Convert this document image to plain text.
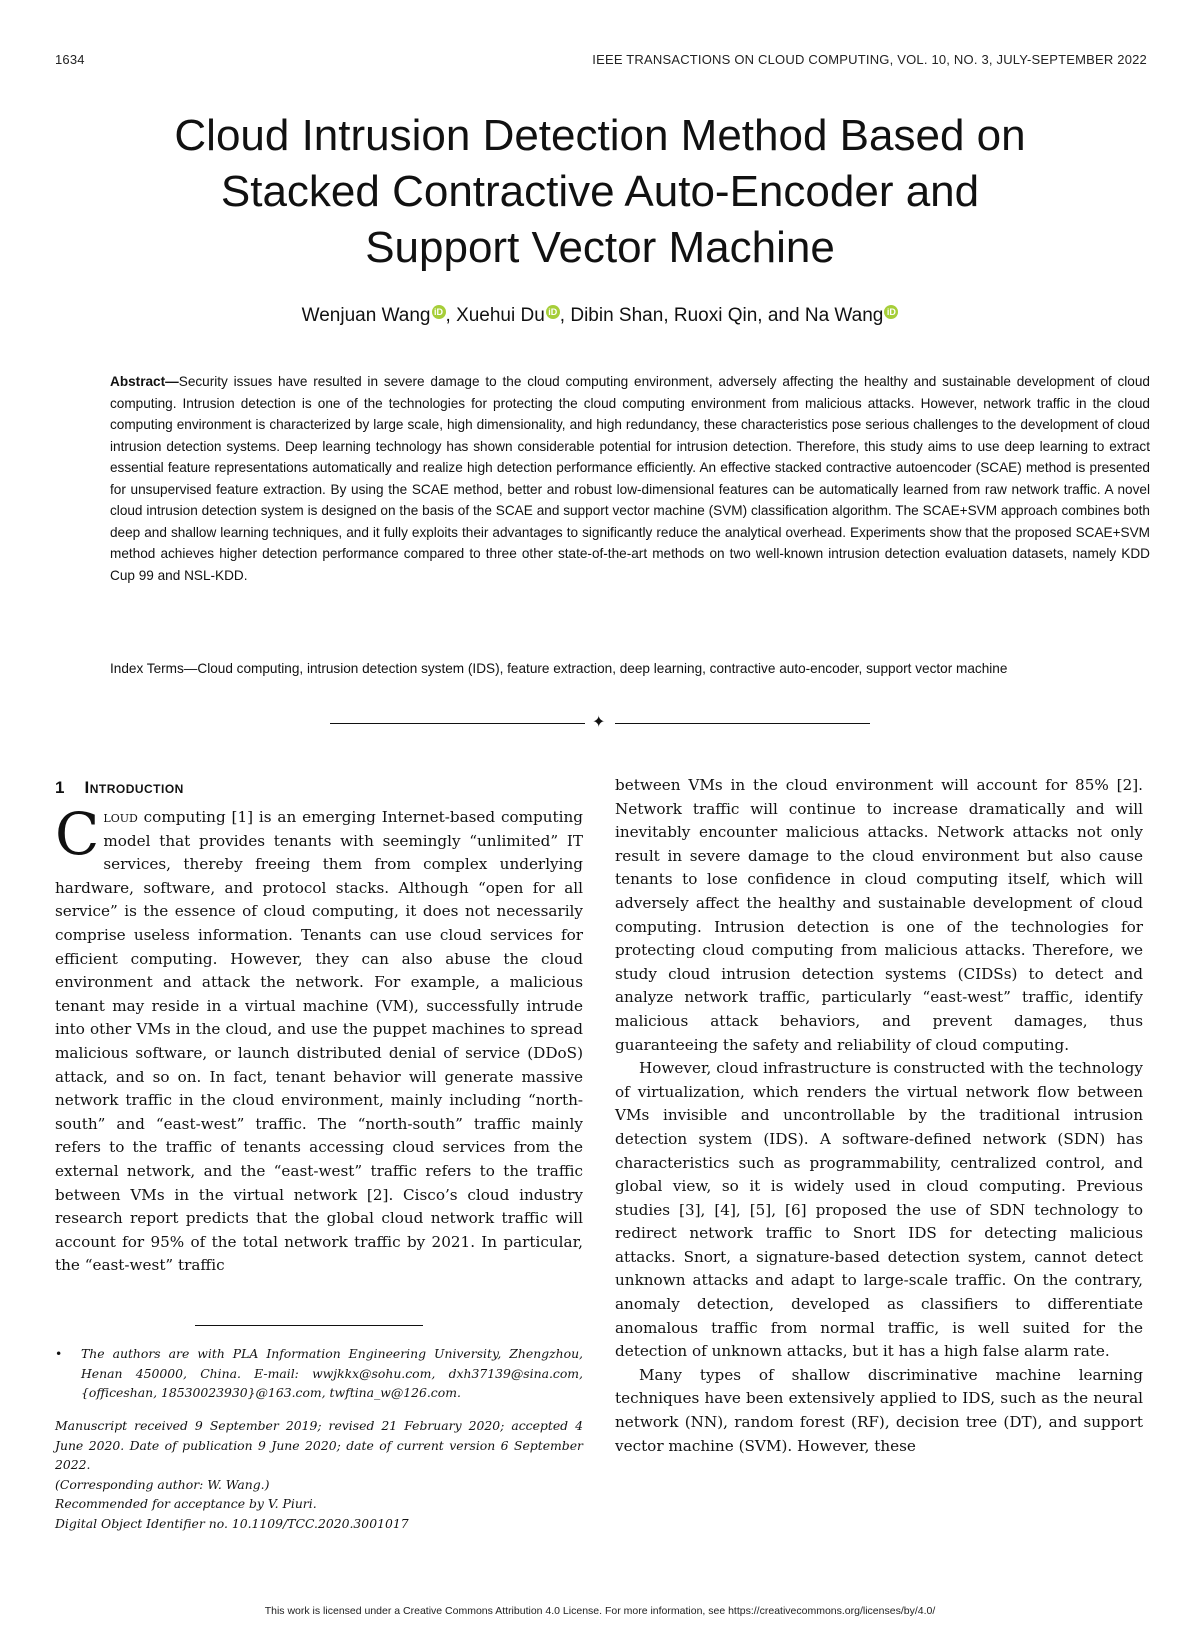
1634	IEEE TRANSACTIONS ON CLOUD COMPUTING, VOL. 10, NO. 3, JULY-SEPTEMBER 2022
Cloud Intrusion Detection Method Based on
Stacked Contractive Auto-Encoder and
Support Vector Machine
Wenjuan Wang iD , Xuehui Du iD , Dibin Shan, Ruoxi Qin, and Na Wang iD

Abstract—Security issues have resulted in severe damage to the cloud computing environment, adversely affecting the healthy and sustainable development of cloud computing. Intrusion detection is one of the technologies for protecting the cloud computing environment from malicious attacks. However, network traffic in the cloud computing environment is characterized by large scale, high dimensionality, and high redundancy, these characteristics pose serious challenges to the development of cloud intrusion detection systems. Deep learning technology has shown considerable potential for intrusion detection. Therefore, this study aims to use deep learning to extract essential feature representations automatically and realize high detection performance efficiently. An effective stacked contractive autoencoder (SCAE) method is presented for unsupervised feature extraction. By using the SCAE method, better and robust low-dimensional features can be automatically learned from raw network traffic. A novel cloud intrusion detection system is designed on the basis of the SCAE and support vector machine (SVM) classification algorithm. The SCAE+SVM approach combines both deep and shallow learning techniques, and it fully exploits their advantages to significantly reduce the analytical overhead. Experiments show that the proposed SCAE+SVM method achieves higher detection performance compared to three other state-of-the-art methods on two well-known intrusion detection evaluation datasets, namely KDD Cup 99 and NSL-KDD.

Index Terms—Cloud computing, intrusion detection system (IDS), feature extraction, deep learning, contractive auto-encoder, support vector machine

✦
1 Introduction

Cloud computing [1] is an emerging Internet-based computing model that provides tenants with seemingly “unlimited” IT services, thereby freeing them from complex underlying hardware, software, and protocol stacks. Although “open for all service” is the essence of cloud computing, it does not necessarily comprise useless information. Tenants can use cloud services for efficient computing. However, they can also abuse the cloud environment and attack the network. For example, a malicious tenant may reside in a virtual machine (VM), successfully intrude into other VMs in the cloud, and use the puppet machines to spread malicious software, or launch distributed denial of service (DDoS) attack, and so on. In fact, tenant behavior will generate massive network traffic in the cloud environment, mainly including “north-south” and “east-west” traffic. The “north-south” traffic mainly refers to the traffic of tenants accessing cloud services from the external network, and the “east-west” traffic refers to the traffic between VMs in the virtual network [2]. Cisco’s cloud industry research report predicts that the global cloud network traffic will account for 95% of the total network traffic by 2021. In particular, the “east-west” traffic

between VMs in the cloud environment will account for 85% [2]. Network traffic will continue to increase dramatically and will inevitably encounter malicious attacks. Network attacks not only result in severe damage to the cloud environment but also cause tenants to lose confidence in cloud computing itself, which will adversely affect the healthy and sustainable development of cloud computing. Intrusion detection is one of the technologies for protecting cloud computing from malicious attacks. Therefore, we study cloud intrusion detection systems (CIDSs) to detect and analyze network traffic, particularly “east-west” traffic, identify malicious attack behaviors, and prevent damages, thus guaranteeing the safety and reliability of cloud computing.

However, cloud infrastructure is constructed with the technology of virtualization, which renders the virtual network flow between VMs invisible and uncontrollable by the traditional intrusion detection system (IDS). A software-defined network (SDN) has characteristics such as programmability, centralized control, and global view, so it is widely used in cloud computing. Previous studies [3], [4], [5], [6] proposed the use of SDN technology to redirect network traffic to Snort IDS for detecting malicious attacks. Snort, a signature-based detection system, cannot detect unknown attacks and adapt to large-scale traffic. On the contrary, anomaly detection, developed as classifiers to differentiate anomalous traffic from normal traffic, is well suited for the detection of unknown attacks, but it has a high false alarm rate.

Many types of shallow discriminative machine learning techniques have been extensively applied to IDS, such as the neural network (NN), random forest (RF), decision tree (DT), and support vector machine (SVM). However, these

• The authors are with PLA Information Engineering University, Zhengzhou, Henan 450000, China. E-mail: wwjkkx@sohu.com, dxh37139@sina.com, {officeshan, 18530023930}@163.com, twftina_w@126.com.

Manuscript received 9 September 2019; revised 21 February 2020; accepted 4 June 2020. Date of publication 9 June 2020; date of current version 6 September 2022.

(Corresponding author: W. Wang.)

Recommended for acceptance by V. Piuri.

Digital Object Identifier no. 10.1109/TCC.2020.3001017

This work is licensed under a Creative Commons Attribution 4.0 License. For more information, see https://creativecommons.org/licenses/by/4.0/
